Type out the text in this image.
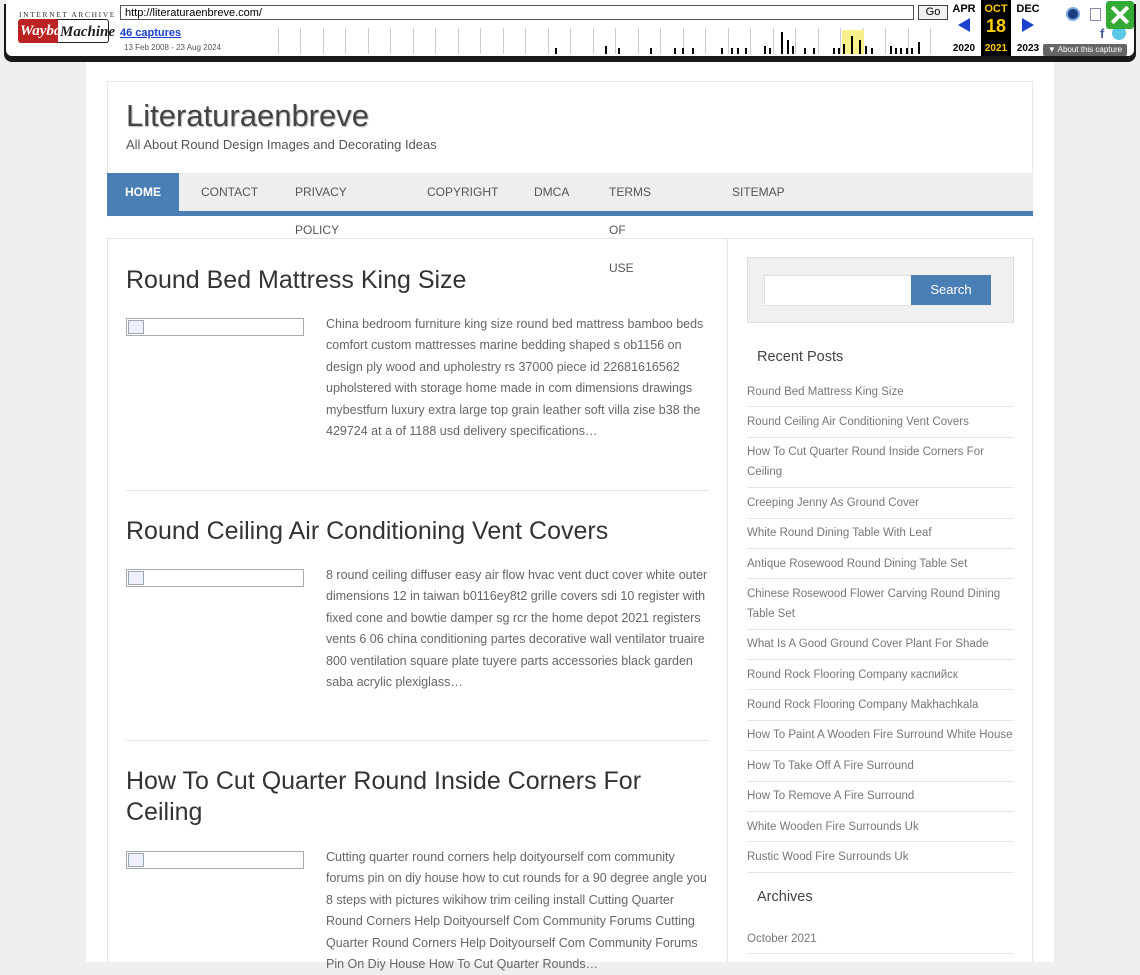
INTERNET ARCHIVE
Wayback
Machine
http://literaturaenbreve.com/
Go
46 captures
13 Feb 2008 - 23 Aug 2024
APR
2020
OCT
18
2021
DEC
2023
f
▼ About this capture
Literaturaenbreve
All About Round Design Images and Decorating Ideas
HOME	CONTACT	PRIVACY POLICY
COPYRIGHT	DMCA	TERMS OF USE
SITEMAP
Round Bed Mattress King Size
China bedroom furniture king size round bed mattress bamboo beds comfort custom mattresses marine bedding shaped s ob1156 on design ply wood and upholestry rs 37000 piece id 22681616562 upholstered with storage home made in com dimensions drawings mybestfurn luxury extra large top grain leather soft villa zise b38 the 429724 at a of 1188 usd delivery specifications…
Round Ceiling Air Conditioning Vent Covers
8 round ceiling diffuser easy air flow hvac vent duct cover white outer dimensions 12 in taiwan b0116ey8t2 grille covers sdi 10 register with fixed cone and bowtie damper sg rcr the home depot 2021 registers vents 6 06 china conditioning partes decorative wall ventilator truaire 800 ventilation square plate tuyere parts accessories black garden saba acrylic plexiglass…
How To Cut Quarter Round Inside Corners For Ceiling
Cutting quarter round corners help doityourself com community forums pin on diy house how to cut rounds for a 90 degree angle you 8 steps with pictures wikihow trim ceiling install Cutting Quarter Round Corners Help Doityourself Com Community Forums Cutting Quarter Round Corners Help Doityourself Com Community Forums Pin On Diy House How To Cut Quarter Rounds…
Search
Recent Posts
Round Bed Mattress King Size
Round Ceiling Air Conditioning Vent Covers
How To Cut Quarter Round Inside Corners For Ceiling
Creeping Jenny As Ground Cover
White Round Dining Table With Leaf
Antique Rosewood Round Dining Table Set
Chinese Rosewood Flower Carving Round Dining Table Set
What Is A Good Ground Cover Plant For Shade
Round Rock Flooring Company каспийск
Round Rock Flooring Company Makhachkala
How To Paint A Wooden Fire Surround White House
How To Take Off A Fire Surround
How To Remove A Fire Surround
White Wooden Fire Surrounds Uk
Rustic Wood Fire Surrounds Uk
Archives
October 2021
